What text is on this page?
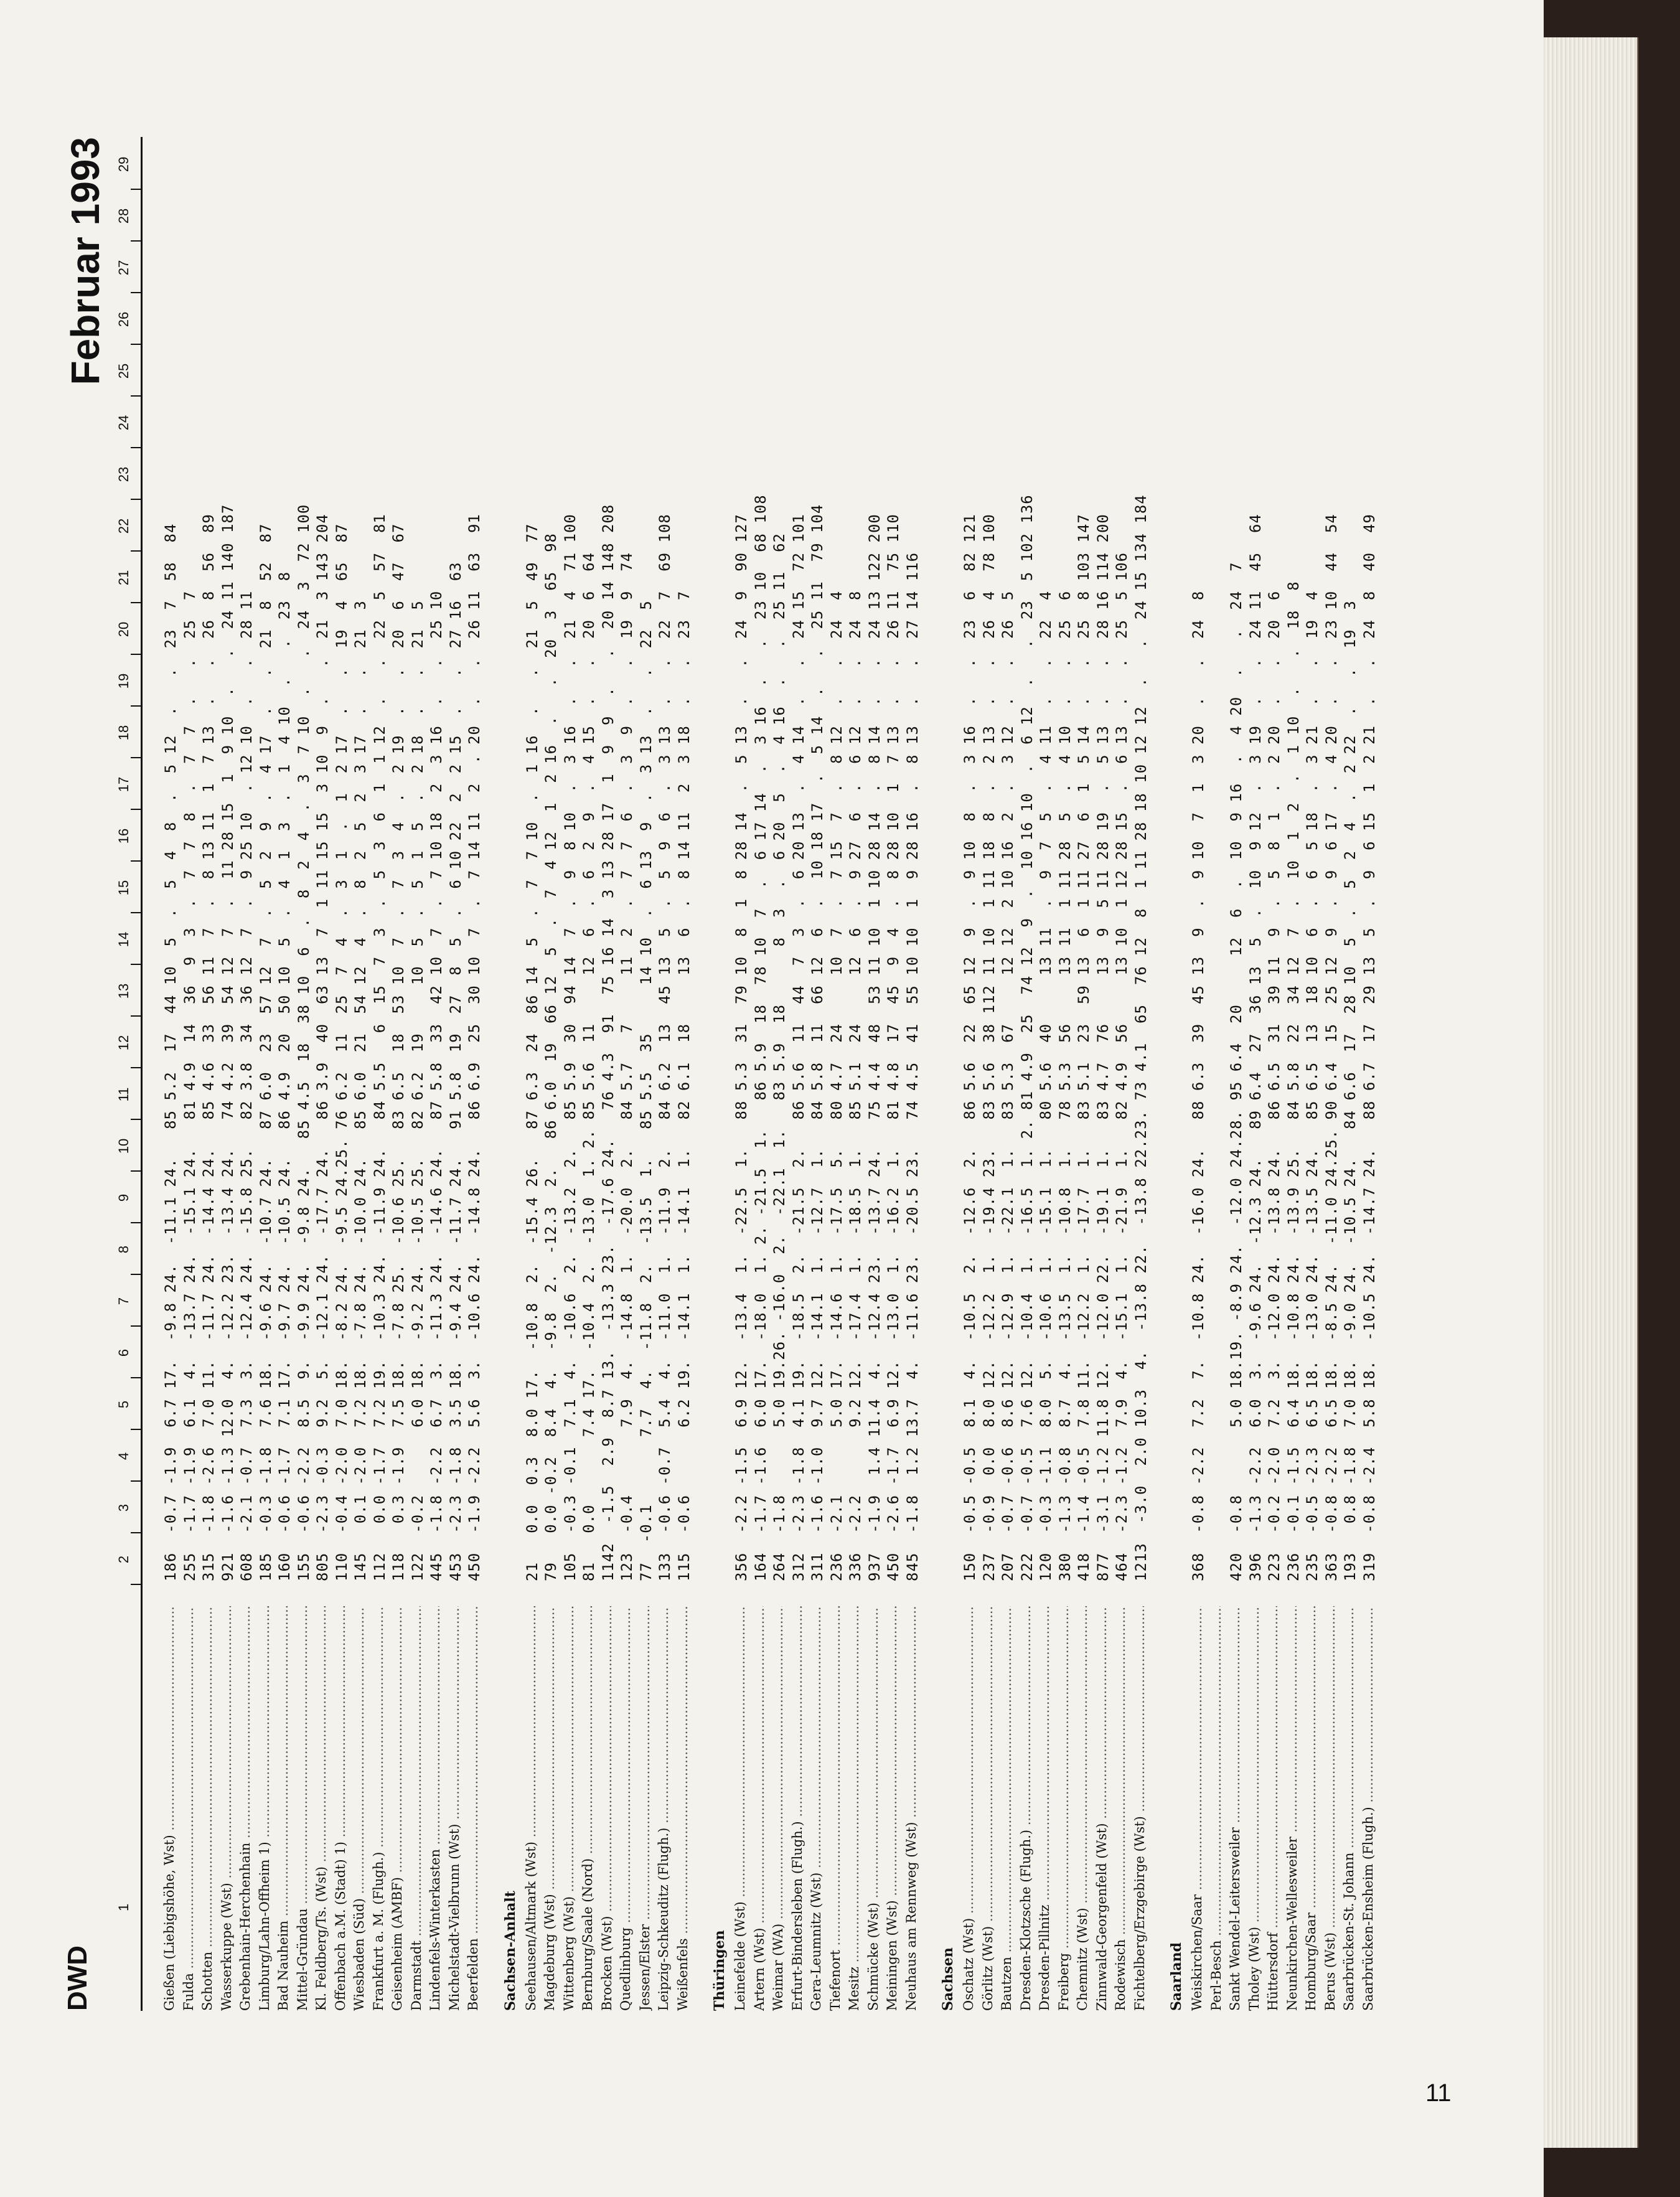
DWD
Februar 1993
1
2
3
4
5
6
7
8
9
10
11
12
13
14
15
16
17
18
19
20
21
22
23
24
25
26
27
28
29
Gießen (Liebigshöhe, Wst) .....
186  -0.7 -1.9  6.7 17.  -9.8 24.  -11.1 24.   85 5.2  17  44 10  5  .  5  4  8  .  5 12  .   .  23  7  58  84
Fulda .....
255  -1.7 -1.9  6.1  4.  -13.7 24.  -15.1 24.   81 4.9  14  36  9  3  .  7  7  8  .  7  7  .   .  25  7
Schotten .....
315  -1.8 -2.6  7.0 11.  -11.7 24.  -14.4 24.   85 4.6  33  56 11  7  .  8 13 11  1  7 13  .   .  26  8  56  89
Wasserkuppe (Wst) .....
921  -1.6 -1.3 12.0  4.  -12.2 23.  -13.4 24.   74 4.2  39  54 12  7  .  11 28 15  1  9 10  .   .  24 11 140 187
Grebenhain-Herchenhain .....
608  -2.1 -0.7  7.3  3.  -12.4 24.  -15.8 25.   82 3.8  34  36 12  7  .  9 25 10  . 12 10  .   .  28 11
Limburg/Lahn-Offheim 1) .....
185  -0.3 -1.8  7.6 18.  -9.6 24.  -10.7 24.   87 6.0  23  57 12  7  .  5  2  9  .  4 17  .   .  21  8  52  87
Bad Nauheim .....
160  -0.6 -1.7  7.1 17.  -9.7 24.  -10.5 24.   86 4.9  20  50 10  5  .  4  1  3  .  1  4 10  .   .  23  8
Mittel-Gründau .....
155  -0.6 -2.2  8.5  9.  -9.9 24.  -9.8 24.   85 4.5  18  38 10  6  .  8  2  4  .  3  7 10  .   .  24  3  72 100
Kl. Feldberg/Ts. (Wst) .....
805  -2.3 -0.3  9.2  5.  -12.1 24.  -17.7 24.   86 3.9  40  63 13  7  1 11 15 15  3 10  9  .   .  21  3 143 204
Offenbach a.M. (Stadt) 1) .....
110  -0.4 -2.0  7.0 18.  -8.2 24.  -9.5 24.25. 76 6.2  11  25  7  4  .  3  1  .  1  2 17  .   .  19  4  65  87
Wiesbaden (Süd) .....
145   0.1 -2.0  7.2 18.  -7.8 24.  -10.0 24.   85 6.0  21  54 12  4  .  8  2  5  2  3 17  .   .  21  3
Frankfurt a. M. (Flugh.) .....
112   0.0 -1.7  7.2 19.  -10.3 24.  -11.9 24.   84 5.5   6  15  7  3  .  5  3  6  1  1 12  .   .  22  5  57  81
Geisenheim (AMBF) .....
118   0.3 -1.9  7.5 18.  -7.8 25.  -10.6 25.   83 6.5  18  53 10  7  .  7  3  4  .  2 19  .   .  20  6  47  67
Darmstadt .....
122  -0.2       6.0 18.  -9.2 24.  -10.5 25.   82 6.2  19     10  5  .  5  1  5  .  2 18  .   .  21  5
Lindenfels-Winterkasten .....
445  -1.8 -2.2  6.7  3.  -11.3 24.  -14.6 24.   87 5.8  33  42 10  7  .  7 10 18  2  3 16  .   .  25 10
Michelstadt-Vielbrunn (Wst) .....
453  -2.3 -1.8  3.5 18.  -9.4 24.  -11.7 24.   91 5.8  19  27  8  5  .  6 10 22  2  2 15  .   .  27 16  63
Beerfelden .....
450  -1.9 -2.2  5.6  3.  -10.6 24.  -14.8 24.   86 6.9  25  30 10  7  .  7 14 11  2  . 20  .   .  26 11  63  91
Sachsen-Anhalt Seehausen/Altmark (Wst) .....
21   0.0  0.3  8.0 17.  -10.8  2.  -15.4 26.   87 6.3  24  86 14  5  .  7  7 10  .  1 16  .   .  21  5  49  77
Magdeburg (Wst) .....
79   0.0 -0.2  8.4  4.  -9.8  2.  -12.3  2.   86 6.0  19  66 12  5  .  7  4 12  1  2 16  .   .  20  3  65  98
Wittenberg (Wst) .....
105  -0.3 -0.1  7.1  4.  -10.6  2.  -13.2  2.   85 5.9  30  94 14  7  .  9  8 10  .  3 16  .   .  21  4  71 100
Bernburg/Saale (Nord) .....
81   0.0       7.4 17.  -10.4  2.  -13.0  1. 2. 85 5.6  11     12  6  .  6  2  9  .  4 15  .   .  20  6  64
Brocken (Wst) .....
1142  -1.5  2.9  8.7 13.  -13.3 23.  -17.6 24.   76 4.3  91  75 16 14  3 13 28 17  1  9  9  .   .  20 14 148 208
Quedlinburg .....
123  -0.4       7.9  4.  -14.8  1.  -20.0  2.   84 5.7   7     11  2  .  7  7  6  .  3  9  .   .  19  9  74
Jessen/Elster .....
77  -0.1       7.7  4.  -11.8  2.  -13.5  1.   85 5.5  35     14 10  .  6 13  9  .  3 13  .   .  22  5
Leipzig-Schkeuditz (Flugh.) .....
133  -0.6 -0.7  5.4  4.  -11.0  1.  -11.9  2.   84 6.2  13  45 13  5  .  5  9  6  .  3 13  .   .  22  7  69 108
Weißenfels .....
115  -0.6       6.2 19.  -14.1  1.  -14.1  1.   82 6.1  18     13  6  .  8 14 11  2  3 18  .   .  23  7
Thüringen Leinefelde (Wst) .....
356  -2.2 -1.5  6.9 12.  -13.4  1.  -22.5  1.   88 5.3  31  79 10  8  1  8 28 14  .  5 13  .   .  24  9  90 127
Artern (Wst) .....
164  -1.7 -1.6  6.0 17.  -18.0  1. 2. -21.5  1.   86 5.9  18  78 10  7  .  6 17 14  .  3 16  .   .  23 10  68 108
Weimar (WA) .....
264  -1.8       5.0 19.26. -16.0  2.  -22.1  1.   83 5.9  18      8  3  .  6 20  5  .  4 16  .   .  25 11  62
Erfurt-Bindersleben (Flugh.) .....
312  -2.3 -1.8  4.1 19.  -18.5  2.  -21.5  2.   86 5.6  11  44  7  3  .  6 20 13  .  4 14  .   .  24 15  72 101
Gera-Leumnitz (Wst) .....
311  -1.6 -1.0  9.7 12.  -14.1  1.  -12.7  1.   84 5.8  11  66 12  6  .  10 18 17  .  5 14  .   .  25 11  79 104
Tiefenort .....
236  -2.1       5.0 17.  -14.6  1.  -17.5  5.   80 4.7  24     10  7  .  7 15  7  .  8 12  .   .  24  4
Mesitz .....
336  -2.2       9.2 12.  -17.4  1.  -18.5  1.   85 5.1  24     12  6  .  9 27  6  .  6 12  .   .  24  8
Schmücke (Wst) .....
937  -1.9  1.4 11.4  4.  -12.4 23.  -13.7 24.   75 4.4  48  53 11 10  1 10 28 14  .  8 14  .   .  24 13 122 200
Meiningen (Wst) .....
450  -2.6 -1.7  6.9 12.  -13.0  1.  -16.2  1.   81 4.8  17  45  9  4  .  8 28 10  1  7 13  .   .  26 11  75 110
Neuhaus am Rennweg (Wst) .....
845  -1.8  1.2 13.7  4.  -11.6 23.  -20.5 23.   74 4.5  41  55 10 10  1  9 28 16  .  8 13  .   .  27 14 116
Sachsen Oschatz (Wst) .....
150  -0.5 -0.5  8.1  4.  -10.5  2.  -12.6  2.   86 5.6  22  65 12  9  .  9 10  8  .  3 16  .   .  23  6  82 121
Görlitz (Wst) .....
237  -0.9  0.0  8.0 12.  -12.2  1.  -19.4 23.   83 5.6  38 112 11 10  1 11 18  8  .  2 13  .   .  26  4  78 100
Bautzen .....
207  -0.7 -0.6  8.6 12.  -12.9  1.  -22.1  1.   83 5.3  67     12 12  2 10 16  2  .  3 12  .   .  26  5
Dresden-Klotzsche (Flugh.) .....
222  -0.7 -0.5  7.6 12.  -10.4  1.  -16.5  1. 2. 81 4.9  25  74 12  9  .  10 16 10  .  6 12  .   .  23  5 102 136
Dresden-Pillnitz .....
120  -0.3 -1.1  8.0  5.  -10.6  1.  -15.1  1.   80 5.6  40     13 11  .  9  7  5  .  4 11  .   .  22  4
Freiberg .....
380  -1.3 -0.8  8.7  4.  -13.5  1.  -10.8  1.   78 5.3  56     13 11  1 11 28  5  .  4 10  .   .  25  6
Chemnitz (Wst) .....
418  -1.4 -0.5  7.8 11.  -12.2  1.  -17.7  1.   83 5.1  23  59 13  6  1 11 27  6  1  5 14  .   .  25  8 103 147
Zinnwald-Georgenfeld (Wst) .....
877  -3.1 -1.2 11.8 12.  -12.0 22.  -19.1  1.   83 4.7  76     13  9  5 11 28 19  .  5 13  .   .  28 16 114 200
Rodewisch .....
464  -2.3 -1.2  7.9  4.  -15.1  1.  -21.9  1.   82 4.9  56     13 10  1 12 28 15  .  6 13  .   .  25  5 106
Fichtelberg/Erzgebirge (Wst) .....
1213  -3.0  2.0 10.3  4.  -13.8 22.  -13.8 22.23. 73 4.1  65  76 12  8  1 11 28 18 10 12 12  .   .  24 15 134 184
Saarland Weiskirchen/Saar .....
368  -0.8 -2.2  7.2  7.  -10.8 24.  -16.0 24.   88 6.3  39  45 13  9  .  9 10  7  1  3 20  .   .  24  8
Perl-Besch ..... Sankt Wendel-Leitersweiler .....
420  -0.8       5.0 18.19. -8.9 24.  -12.0 24.28. 95 6.4  20     12  6  .  10  9 16  .  4 20  .   .  24  7
Tholey (Wst) .....
396  -1.3 -2.2  6.0  3.  -9.6 24.  -12.3 24.   89 6.4  27  36 13  5  .  10  9 12  .  3 19  .   .  24 11  45  64
Hüttersdorf .....
223  -0.2 -2.0  7.2  3.  -12.0 24.  -13.8 24.   86 6.5  31  39 11  9  .  5  8  1  .  2 20  .   .  20  6
Neunkirchen-Wellesweiler .....
236  -0.1 -1.5  6.4 18.  -10.8 24.  -13.9 25.   84 5.8  22  34 12  7  .  10  1  2  .  1 10  .   .  18  8
Homburg/Saar .....
235  -0.5 -2.3  6.5 18.  -13.0 24.  -13.5 24.   85 6.5  13  18 10  6  .  6  5 18  .  3 21  .   .  19  4
Berus (Wst) .....
363  -0.8 -2.2  6.5 18.  -8.5 24.  -11.0 24.25. 90 6.4  15  25 12  9  .  9  6 17  .  4 20  .   .  23 10  44  54
Saarbrücken-St. Johann .....
193   0.8 -1.8  7.0 18.  -9.0 24.  -10.5 24.   84 6.6  17  28 10  5  .  5  2  4  .  2 22  .   .  19  3
Saarbrücken-Ensheim (Flugh.) .....
319  -0.8 -2.4  5.8 18.  -10.5 24.  -14.7 24.   88 6.7  17  29 13  5  .  9  6 15  1  2 21  .   .  24  8  40  49
11
